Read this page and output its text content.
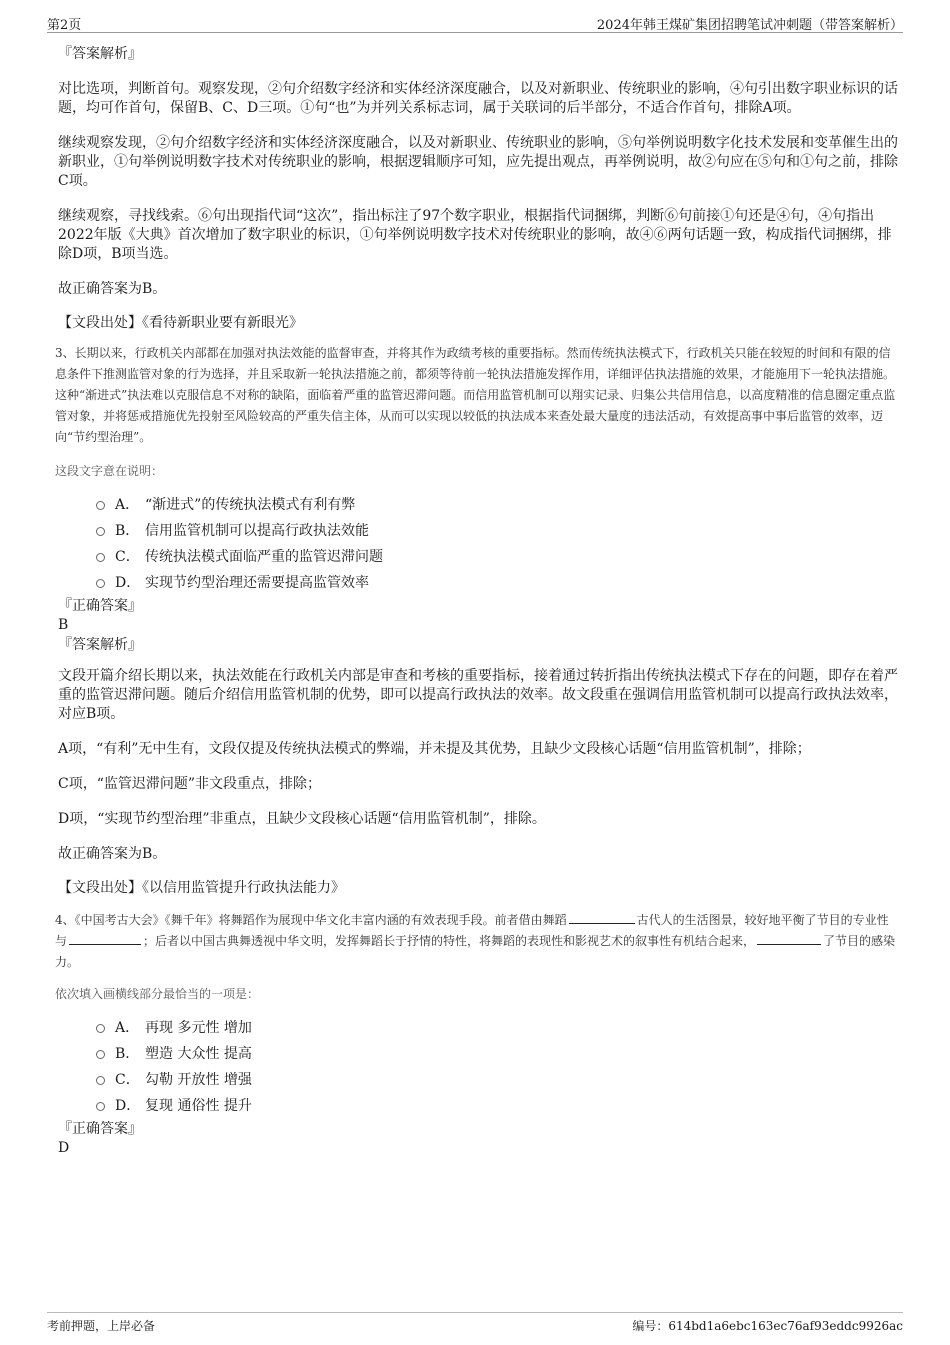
第2页	2024年韩王煤矿集团招聘笔试冲刺题（带答案解析）

『答案解析』

对比选项，判断首句。观察发现，②句介绍数字经济和实体经济深度融合，以及对新职业、传统职业的影响，④句引出数字职业标识的话题，均可作首句，保留B、C、D三项。①句“也”为并列关系标志词，属于关联词的后半部分，不适合作首句，排除A项。

继续观察发现，②句介绍数字经济和实体经济深度融合，以及对新职业、传统职业的影响，⑤句举例说明数字化技术发展和变革催生出的新职业，①句举例说明数字技术对传统职业的影响，根据逻辑顺序可知，应先提出观点，再举例说明，故②句应在⑤句和①句之前，排除C项。

继续观察，寻找线索。⑥句出现指代词“这次”，指出标注了97个数字职业，根据指代词捆绑，判断⑥句前接①句还是④句，④句指出2022年版《大典》首次增加了数字职业的标识，①句举例说明数字技术对传统职业的影响，故④⑥两句话题一致，构成指代词捆绑，排除D项，B项当选。

故正确答案为B。

【文段出处】《看待新职业要有新眼光》

3、长期以来，行政机关内部都在加强对执法效能的监督审查，并将其作为政绩考核的重要指标。然而传统执法模式下，行政机关只能在较短的时间和有限的信息条件下推测监管对象的行为选择，并且采取新一轮执法措施之前，都须等待前一轮执法措施发挥作用，详细评估执法措施的效果，才能施用下一轮执法措施。这种“渐进式”执法难以克服信息不对称的缺陷，面临着严重的监管迟滞问题。而信用监管机制可以翔实记录、归集公共信用信息，以高度精准的信息圈定重点监管对象，并将惩戒措施优先投射至风险较高的严重失信主体，从而可以实现以较低的执法成本来查处最大量度的违法活动，有效提高事中事后监管的效率，迈向“节约型治理”。

这段文字意在说明：

A． “渐进式”的传统执法模式有利有弊
B． 信用监管机制可以提高行政执法效能
C． 传统执法模式面临严重的监管迟滞问题
D． 实现节约型治理还需要提高监管效率

『正确答案』

B

『答案解析』

文段开篇介绍长期以来，执法效能在行政机关内部是审查和考核的重要指标，接着通过转折指出传统执法模式下存在的问题，即存在着严重的监管迟滞问题。随后介绍信用监管机制的优势，即可以提高行政执法的效率。故文段重在强调信用监管机制可以提高行政执法效率，对应B项。

A项，“有利”无中生有，文段仅提及传统执法模式的弊端，并未提及其优势，且缺少文段核心话题“信用监管机制”，排除；

C项，“监管迟滞问题”非文段重点，排除；

D项，“实现节约型治理”非重点，且缺少文段核心话题“信用监管机制”，排除。

故正确答案为B。

【文段出处】《以信用监管提升行政执法能力》

4、《中国考古大会》《舞千年》将舞蹈作为展现中华文化丰富内涵的有效表现手段。前者借由舞蹈	古代人的生活图景，较好地平衡了节目的专业性与	；后者以中国古典舞透视中华文明，发挥舞蹈长于抒情的特性，将舞蹈的表现性和影视艺术的叙事性有机结合起来，	了节目的感染力。

依次填入画横线部分最恰当的一项是：

A． 再现 多元性 增加
B． 塑造 大众性 提高
C． 勾勒 开放性 增强
D． 复现 通俗性 提升

『正确答案』

D

考前押题，上岸必备	编号：614bd1a6ebc163ec76af93eddc9926ac
